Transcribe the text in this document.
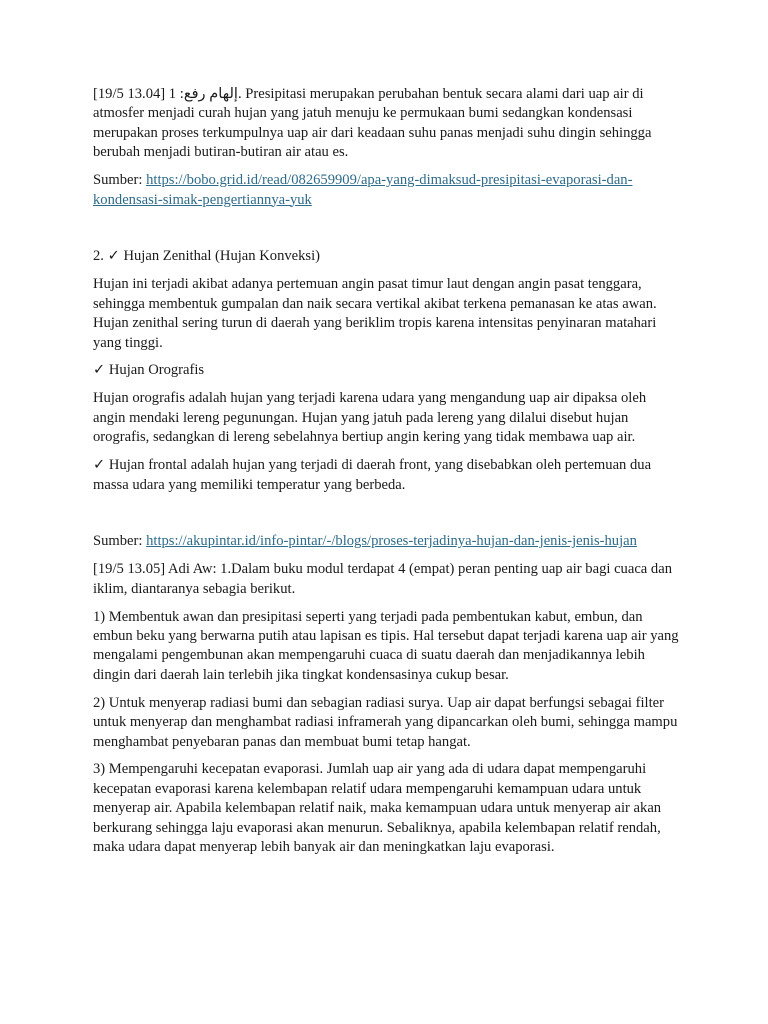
[19/5 13.04] 1 :إلهام رفع. Presipitasi merupakan perubahan bentuk secara alami dari uap air di atmosfer menjadi curah hujan yang jatuh menuju ke permukaan bumi sedangkan kondensasi merupakan proses terkumpulnya uap air dari keadaan suhu panas menjadi suhu dingin sehingga berubah menjadi butiran-butiran air atau es.

Sumber: https://bobo.grid.id/read/082659909/apa-yang-dimaksud-presipitasi-evaporasi-dan-kondensasi-simak-pengertiannya-yuk

2. ✓ Hujan Zenithal (Hujan Konveksi)

Hujan ini terjadi akibat adanya pertemuan angin pasat timur laut dengan angin pasat tenggara, sehingga membentuk gumpalan dan naik secara vertikal akibat terkena pemanasan ke atas awan. Hujan zenithal sering turun di daerah yang beriklim tropis karena intensitas penyinaran matahari yang tinggi.

✓ Hujan Orografis

Hujan orografis adalah hujan yang terjadi karena udara yang mengandung uap air dipaksa oleh angin mendaki lereng pegunungan. Hujan yang jatuh pada lereng yang dilalui disebut hujan orografis, sedangkan di lereng sebelahnya bertiup angin kering yang tidak membawa uap air.

✓ Hujan frontal adalah hujan yang terjadi di daerah front, yang disebabkan oleh pertemuan dua massa udara yang memiliki temperatur yang berbeda.

Sumber: https://akupintar.id/info-pintar/-/blogs/proses-terjadinya-hujan-dan-jenis-jenis-hujan

[19/5 13.05] Adi Aw: 1.Dalam buku modul terdapat 4 (empat) peran penting uap air bagi cuaca dan iklim, diantaranya sebagia berikut.

1) Membentuk awan dan presipitasi seperti yang terjadi pada pembentukan kabut, embun, dan embun beku yang berwarna putih atau lapisan es tipis. Hal tersebut dapat terjadi karena uap air yang mengalami pengembunan akan mempengaruhi cuaca di suatu daerah dan menjadikannya lebih dingin dari daerah lain terlebih jika tingkat kondensasinya cukup besar.

2) Untuk menyerap radiasi bumi dan sebagian radiasi surya. Uap air dapat berfungsi sebagai filter untuk menyerap dan menghambat radiasi inframerah yang dipancarkan oleh bumi, sehingga mampu menghambat penyebaran panas dan membuat bumi tetap hangat.

3) Mempengaruhi kecepatan evaporasi. Jumlah uap air yang ada di udara dapat mempengaruhi kecepatan evaporasi karena kelembapan relatif udara mempengaruhi kemampuan udara untuk menyerap air. Apabila kelembapan relatif naik, maka kemampuan udara untuk menyerap air akan berkurang sehingga laju evaporasi akan menurun. Sebaliknya, apabila kelembapan relatif rendah, maka udara dapat menyerap lebih banyak air dan meningkatkan laju evaporasi.
